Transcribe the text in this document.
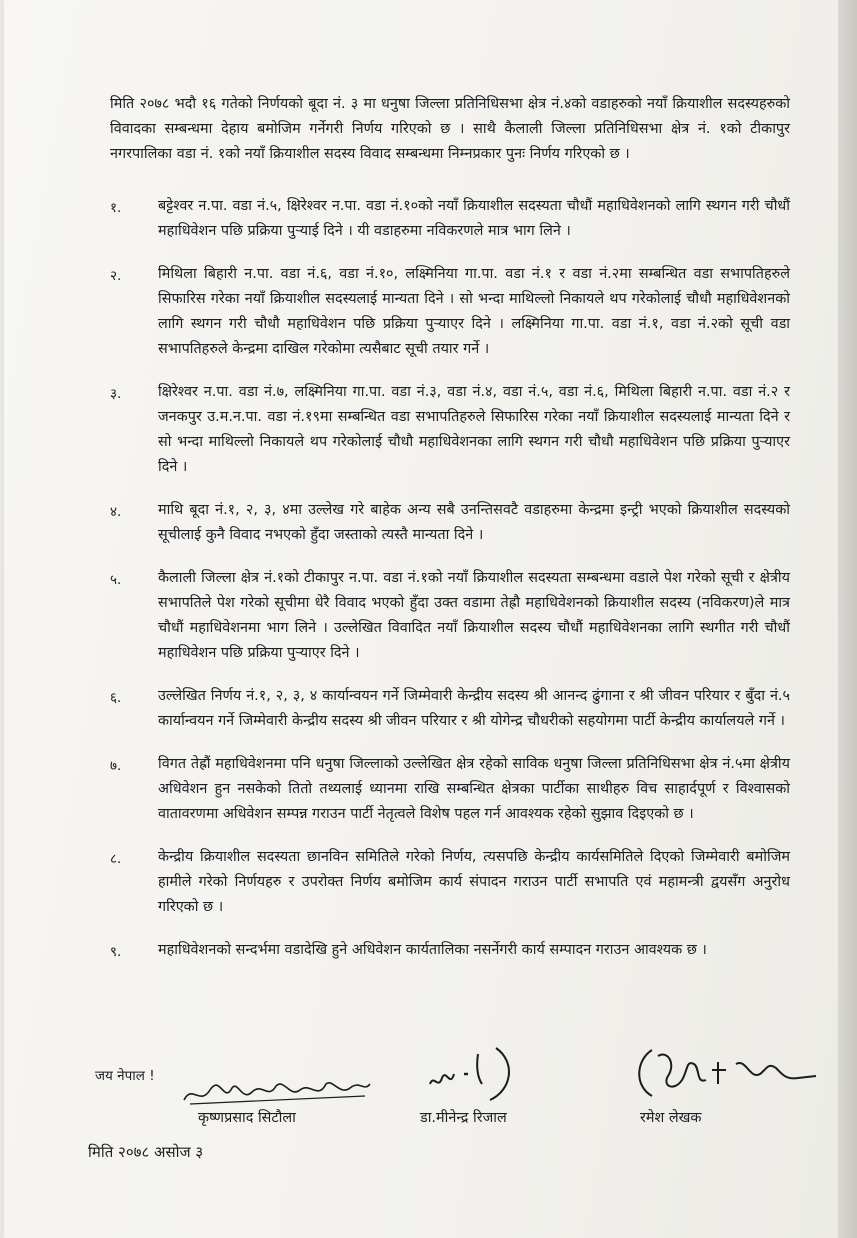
मिति २०७८ भदौ १६ गतेको निर्णयको बूदा नं. ३ मा धनुषा जिल्ला प्रतिनिधिसभा क्षेत्र नं.४को वडाहरुको नयाँ क्रियाशील सदस्यहरुको विवादका सम्बन्धमा देहाय बमोजिम गर्नेगरी निर्णय गरिएको छ । साथै कैलाली जिल्ला प्रतिनिधिसभा क्षेत्र नं. १को टीकापुर नगरपालिका वडा नं. १को नयाँ क्रियाशील सदस्य विवाद सम्बन्धमा निम्नप्रकार पुनः निर्णय गरिएको छ ।

१.	बट्टेश्वर न.पा. वडा नं.५, क्षिरेश्वर न.पा. वडा नं.१०को नयाँ क्रियाशील सदस्यता चौधौं महाधिवेशनको लागि स्थगन गरी चौधौं महाधिवेशन पछि प्रक्रिया पुऱ्याई दिने । यी वडाहरुमा नविकरणले मात्र भाग लिने ।
२.	मिथिला बिहारी न.पा. वडा नं.६, वडा नं.१०, लक्ष्मिनिया गा.पा. वडा नं.१ र वडा नं.२मा सम्बन्धित वडा सभापतिहरुले सिफारिस गरेका नयाँ क्रियाशील सदस्यलाई मान्यता दिने । सो भन्दा माथिल्लो निकायले थप गरेकोलाई चौधौ महाधिवेशनको लागि स्थगन गरी चौधौ महाधिवेशन पछि प्रक्रिया पुऱ्याएर दिने । लक्ष्मिनिया गा.पा. वडा नं.१, वडा नं.२को सूची वडा सभापतिहरुले केन्द्रमा दाखिल गरेकोमा त्यसैबाट सूची तयार गर्ने ।
३.	क्षिरेश्वर न.पा. वडा नं.७, लक्ष्मिनिया गा.पा. वडा नं.३, वडा नं.४, वडा नं.५, वडा नं.६, मिथिला बिहारी न.पा. वडा नं.२ र जनकपुर उ.म.न.पा. वडा नं.१९मा सम्बन्धित वडा सभापतिहरुले सिफारिस गरेका नयाँ क्रियाशील सदस्यलाई मान्यता दिने र सो भन्दा माथिल्लो निकायले थप गरेकोलाई चौधौ महाधिवेशनका लागि स्थगन गरी चौधौ महाधिवेशन पछि प्रक्रिया पुऱ्याएर दिने ।
४.	माथि बूदा नं.१, २, ३, ४मा उल्लेख गरे बाहेक अन्य सबै उनन्तिसवटै वडाहरुमा केन्द्रमा इन्ट्री भएको क्रियाशील सदस्यको सूचीलाई कुनै विवाद नभएको हुँदा जस्ताको त्यस्तै मान्यता दिने ।
५.	कैलाली जिल्ला क्षेत्र नं.१को टीकापुर न.पा. वडा नं.१को नयाँ क्रियाशील सदस्यता सम्बन्धमा वडाले पेश गरेको सूची र क्षेत्रीय सभापतिले पेश गरेको सूचीमा धेरै विवाद भएको हुँदा उक्त वडामा तेह्रौ महाधिवेशनको क्रियाशील सदस्य (नविकरण)ले मात्र चौधौं महाधिवेशनमा भाग लिने । उल्लेखित विवादित नयाँ क्रियाशील सदस्य चौधौं महाधिवेशनका लागि स्थगीत गरी चौधौं महाधिवेशन पछि प्रक्रिया पुऱ्याएर दिने ।
६.	उल्लेखित निर्णय नं.१, २, ३, ४ कार्यान्वयन गर्ने जिम्मेवारी केन्द्रीय सदस्य श्री आनन्द ढुंगाना र श्री जीवन परियार र बुँदा नं.५ कार्यान्वयन गर्ने जिम्मेवारी केन्द्रीय सदस्य श्री जीवन परियार र श्री योगेन्द्र चौधरीको सहयोगमा पार्टी केन्द्रीय कार्यालयले गर्ने ।
७.	विगत तेह्रौं महाधिवेशनमा पनि धनुषा जिल्लाको उल्लेखित क्षेत्र रहेको साविक धनुषा जिल्ला प्रतिनिधिसभा क्षेत्र नं.५मा क्षेत्रीय अधिवेशन हुन नसकेको तितो तथ्यलाई ध्यानमा राखि सम्बन्धित क्षेत्रका पार्टीका साथीहरु विच साहार्दपूर्ण र विश्वासको वातावरणमा अधिवेशन सम्पन्न गराउन पार्टी नेतृत्वले विशेष पहल गर्न आवश्यक रहेको सुझाव दिइएको छ ।
८.	केन्द्रीय क्रियाशील सदस्यता छानविन समितिले गरेको निर्णय, त्यसपछि केन्द्रीय कार्यसमितिले दिएको जिम्मेवारी बमोजिम हामीले गरेको निर्णयहरु र उपरोक्त निर्णय बमोजिम कार्य संपादन गराउन पार्टी सभापति एवं महामन्त्री द्वयसँग अनुरोध गरिएको छ ।
९.	महाधिवेशनको सन्दर्भमा वडादेखि हुने अधिवेशन कार्यतालिका नसर्नेगरी कार्य सम्पादन गराउन आवश्यक छ ।
जय नेपाल !
कृष्णप्रसाद सिटौला	डा.मीनेन्द्र रिजाल	रमेश लेखक
मिति २०७८ असोज ३
